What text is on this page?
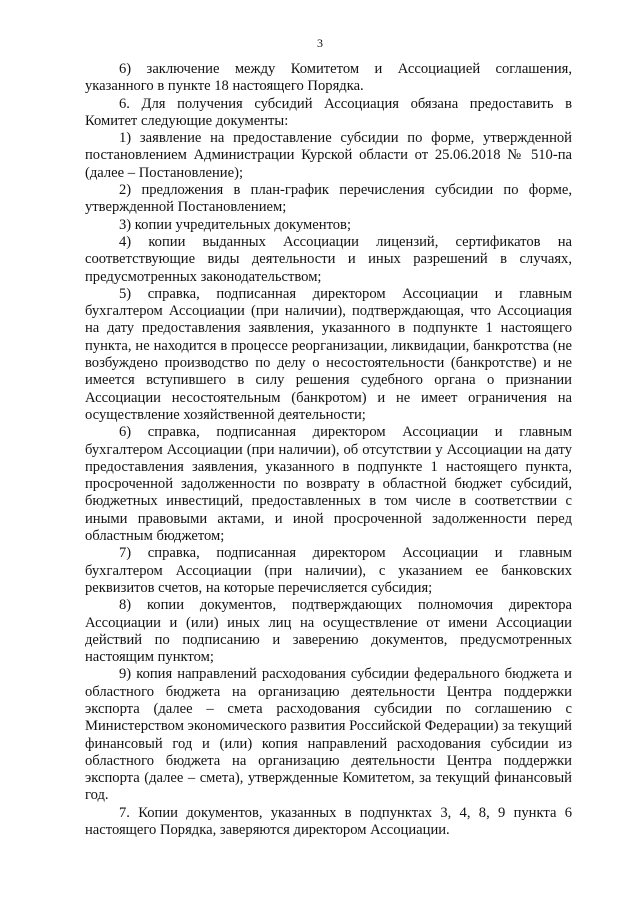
3

6) заключение между Комитетом и Ассоциацией соглашения, указанного в пункте 18 настоящего Порядка.

6. Для получения субсидий Ассоциация обязана предоставить в Комитет следующие документы:

1) заявление на предоставление субсидии по форме, утвержденной постановлением Администрации Курской области от 25.06.2018 № 510-па (далее – Постановление);

2) предложения в план-график перечисления субсидии по форме, утвержденной Постановлением;

3) копии учредительных документов;

4) копии выданных Ассоциации лицензий, сертификатов на соответствующие виды деятельности и иных разрешений в случаях, предусмотренных законодательством;

5) справка, подписанная директором Ассоциации и главным бухгалтером Ассоциации (при наличии), подтверждающая, что Ассоциация на дату предоставления заявления, указанного в подпункте 1 настоящего пункта, не находится в процессе реорганизации, ликвидации, банкротства (не возбуждено производство по делу о несостоятельности (банкротстве) и не имеется вступившего в силу решения судебного органа о признании Ассоциации несостоятельным (банкротом) и не имеет ограничения на осуществление хозяйственной деятельности;

6) справка, подписанная директором Ассоциации и главным бухгалтером Ассоциации (при наличии), об отсутствии у Ассоциации на дату предоставления заявления, указанного в подпункте 1 настоящего пункта, просроченной задолженности по возврату в областной бюджет субсидий, бюджетных инвестиций, предоставленных в том числе в соответствии с иными правовыми актами, и иной просроченной задолженности перед областным бюджетом;

7) справка, подписанная директором Ассоциации и главным бухгалтером Ассоциации (при наличии), с указанием ее банковских реквизитов счетов, на которые перечисляется субсидия;

8) копии документов, подтверждающих полномочия директора Ассоциации и (или) иных лиц на осуществление от имени Ассоциации действий по подписанию и заверению документов, предусмотренных настоящим пунктом;

9) копия направлений расходования субсидии федерального бюджета и областного бюджета на организацию деятельности Центра поддержки экспорта (далее – смета расходования субсидии по соглашению с Министерством экономического развития Российской Федерации) за текущий финансовый год и (или) копия направлений расходования субсидии из областного бюджета на организацию деятельности Центра поддержки экспорта (далее – смета), утвержденные Комитетом, за текущий финансовый год.

7. Копии документов, указанных в подпунктах 3, 4, 8, 9 пункта 6 настоящего Порядка, заверяются директором Ассоциации.
